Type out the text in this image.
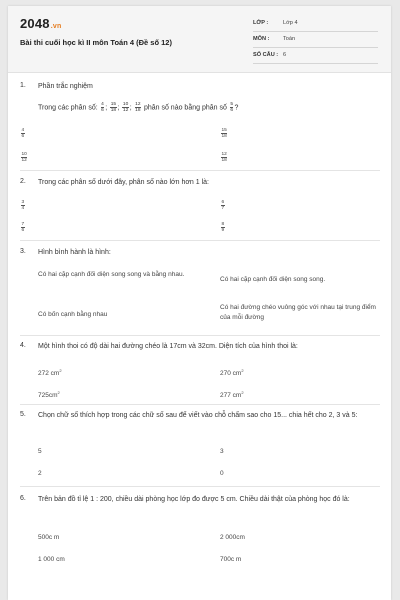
2048.vn
Bài thi cuối học kì II môn Toán 4 (Đề số 12)
LỚP :	Lớp 4
MÔN : Toán
SỐ CÂU : 6
1. Phần trắc nghiệm
Trong các phân số: $\frac{4}{6}$ ; $\frac{15}{18}$ ; $\frac{10}{12}$ ; $\frac{12}{18}$ phân số nào bằng phân số $\frac{5}{6}$ ?
$\frac{4}{6}$	$\frac{15}{18}$
$\frac{10}{12}$	$\frac{12}{18}$
2. Trong các phân số dưới đây, phân số nào lớn hơn 1 là:
$\frac{3}{4}$	$\frac{6}{7}$
$\frac{7}{6}$	$\frac{8}{9}$
3. Hình bình hành là hình:
Có hai cặp cạnh đối diện song song và bằng nhau.
Có hai cặp cạnh đối diện song song.
Có bốn cạnh bằng nhau
Có hai đường chéo vuông góc với nhau tại trung điểm của mỗi đường
4. Một hình thoi có độ dài hai đường chéo là 17cm và 32cm. Diện tích của hình thoi là:
272 $cm^2$	270 $cm^2$
$725cm^2$	277 $cm^2$
5. Chọn chữ số thích hợp trong các chữ số sau để viết vào chỗ chấm sao cho 15... chia hết cho 2, 3 và 5:
5	3
2	0
6. Trên bản đồ tỉ lệ 1 : 200, chiều dài phòng học lớp đo được 5 cm. Chiều dài thật của phòng học đó là:
500c m	2 000cm
1 000 cm	700c m
